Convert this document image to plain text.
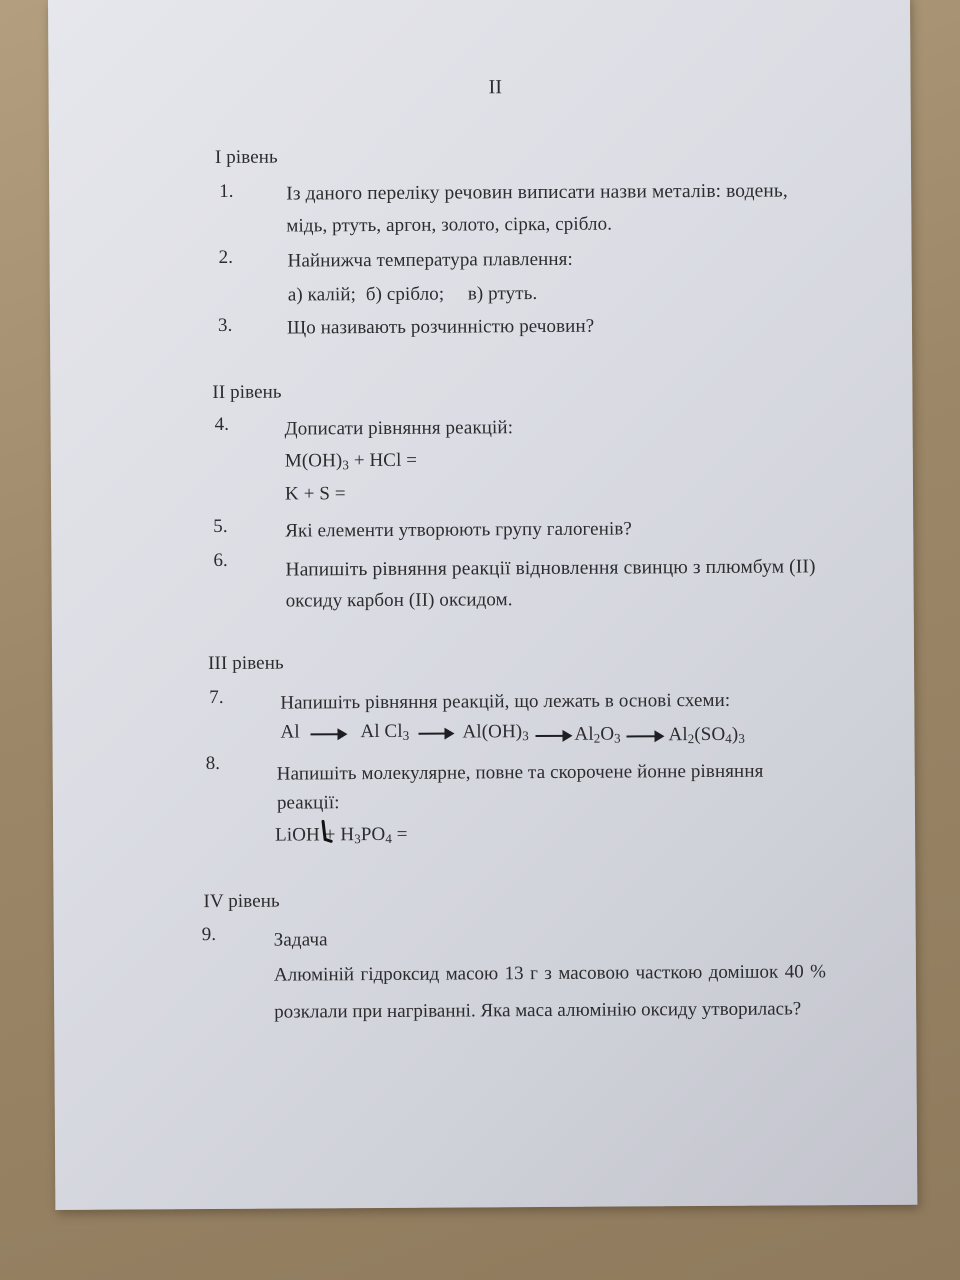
II
I рівень
1.	Із даного переліку речовин виписати назви металів: водень,
мідь, ртуть, аргон, золото, сірка, срібло.
2.	Найнижча температура плавлення:
а) калій; б) срібло; в) ртуть.
3.	Що називають розчинністю речовин?
II рівень
4.	Дописати рівняння реакцій:
$M(OH)_3$ + HCl =
K + S =
5.	Які елементи утворюють групу галогенів?
6.	Напишіть рівняння реакції відновлення свинцю з плюмбум (II)
оксиду карбон (II) оксидом.
III рівень
7.	Напишіть рівняння реакцій, що лежать в основі схеми:
Al	Al $Cl_3$	$Al(OH)_3$ $Al_2O_3$	$Al_2(SO_4)_3$
8.	Напишіть молекулярне, повне та скорочене йонне рівняння
реакції:
LiOH + $H_3PO_4$ =
IV рівень
9.	Задача
Алюміній гідроксид масою 13 г з масовою часткою домішок 40 % розклали при нагріванні. Яка маса алюмінію оксиду утворилась?
